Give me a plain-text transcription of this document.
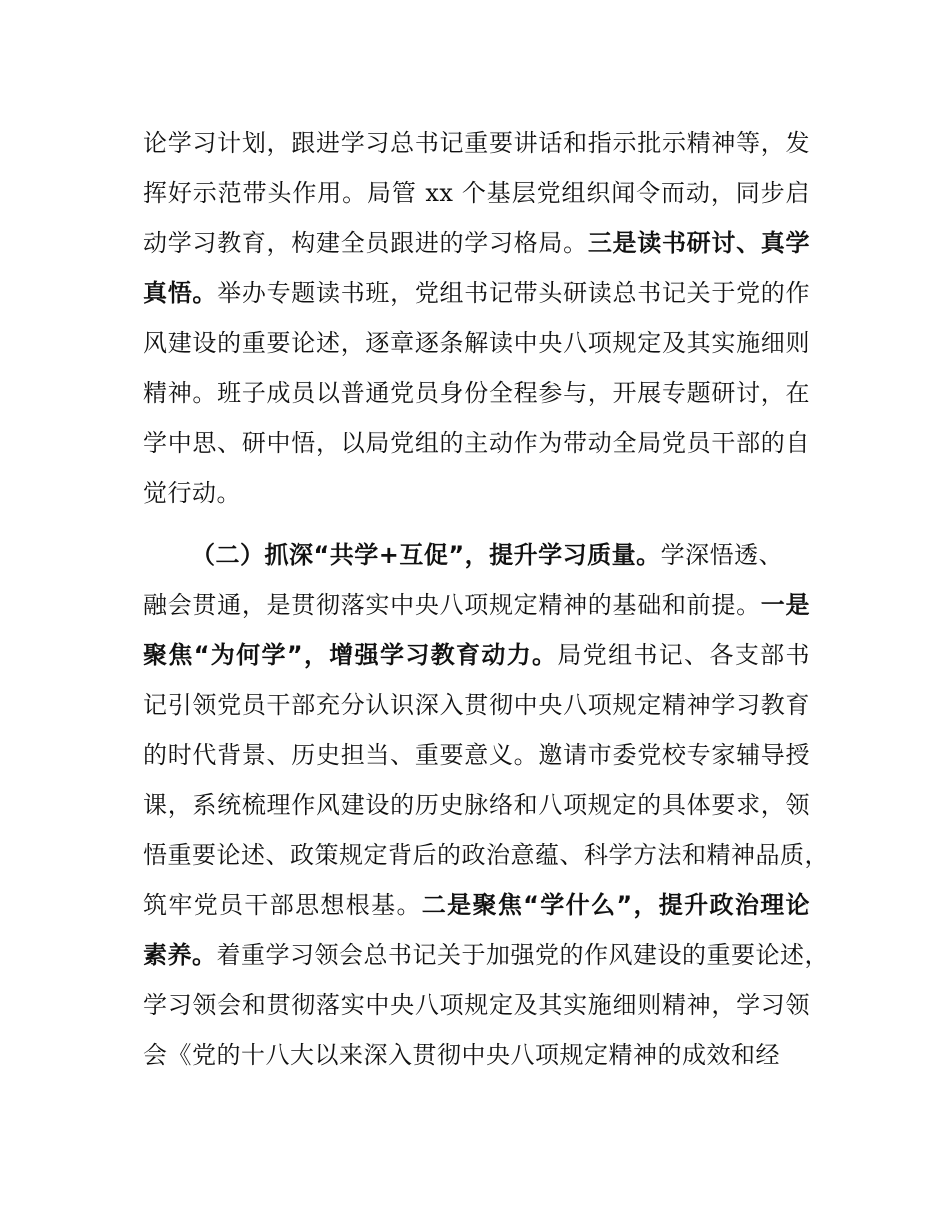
论学习计划，跟进学习总书记重要讲话和指示批示精神等，发
挥好示范带头作用。局管 xx 个基层党组织闻令而动，同步启
动学习教育，构建全员跟进的学习格局。三是读书研讨、真学
真悟。举办专题读书班，党组书记带头研读总书记关于党的作
风建设的重要论述，逐章逐条解读中央八项规定及其实施细则
精神。班子成员以普通党员身份全程参与，开展专题研讨，在
学中思、研中悟，以局党组的主动作为带动全局党员干部的自
觉行动。
（二）抓深“共学+互促”，提升学习质量。学深悟透、
融会贯通，是贯彻落实中央八项规定精神的基础和前提。一是
聚焦“为何学”，增强学习教育动力。局党组书记、各支部书
记引领党员干部充分认识深入贯彻中央八项规定精神学习教育
的时代背景、历史担当、重要意义。邀请市委党校专家辅导授
课，系统梳理作风建设的历史脉络和八项规定的具体要求，领
悟重要论述、政策规定背后的政治意蕴、科学方法和精神品质，
筑牢党员干部思想根基。二是聚焦“学什么”，提升政治理论
素养。着重学习领会总书记关于加强党的作风建设的重要论述，
学习领会和贯彻落实中央八项规定及其实施细则精神，学习领
会《党的十八大以来深入贯彻中央八项规定精神的成效和经
